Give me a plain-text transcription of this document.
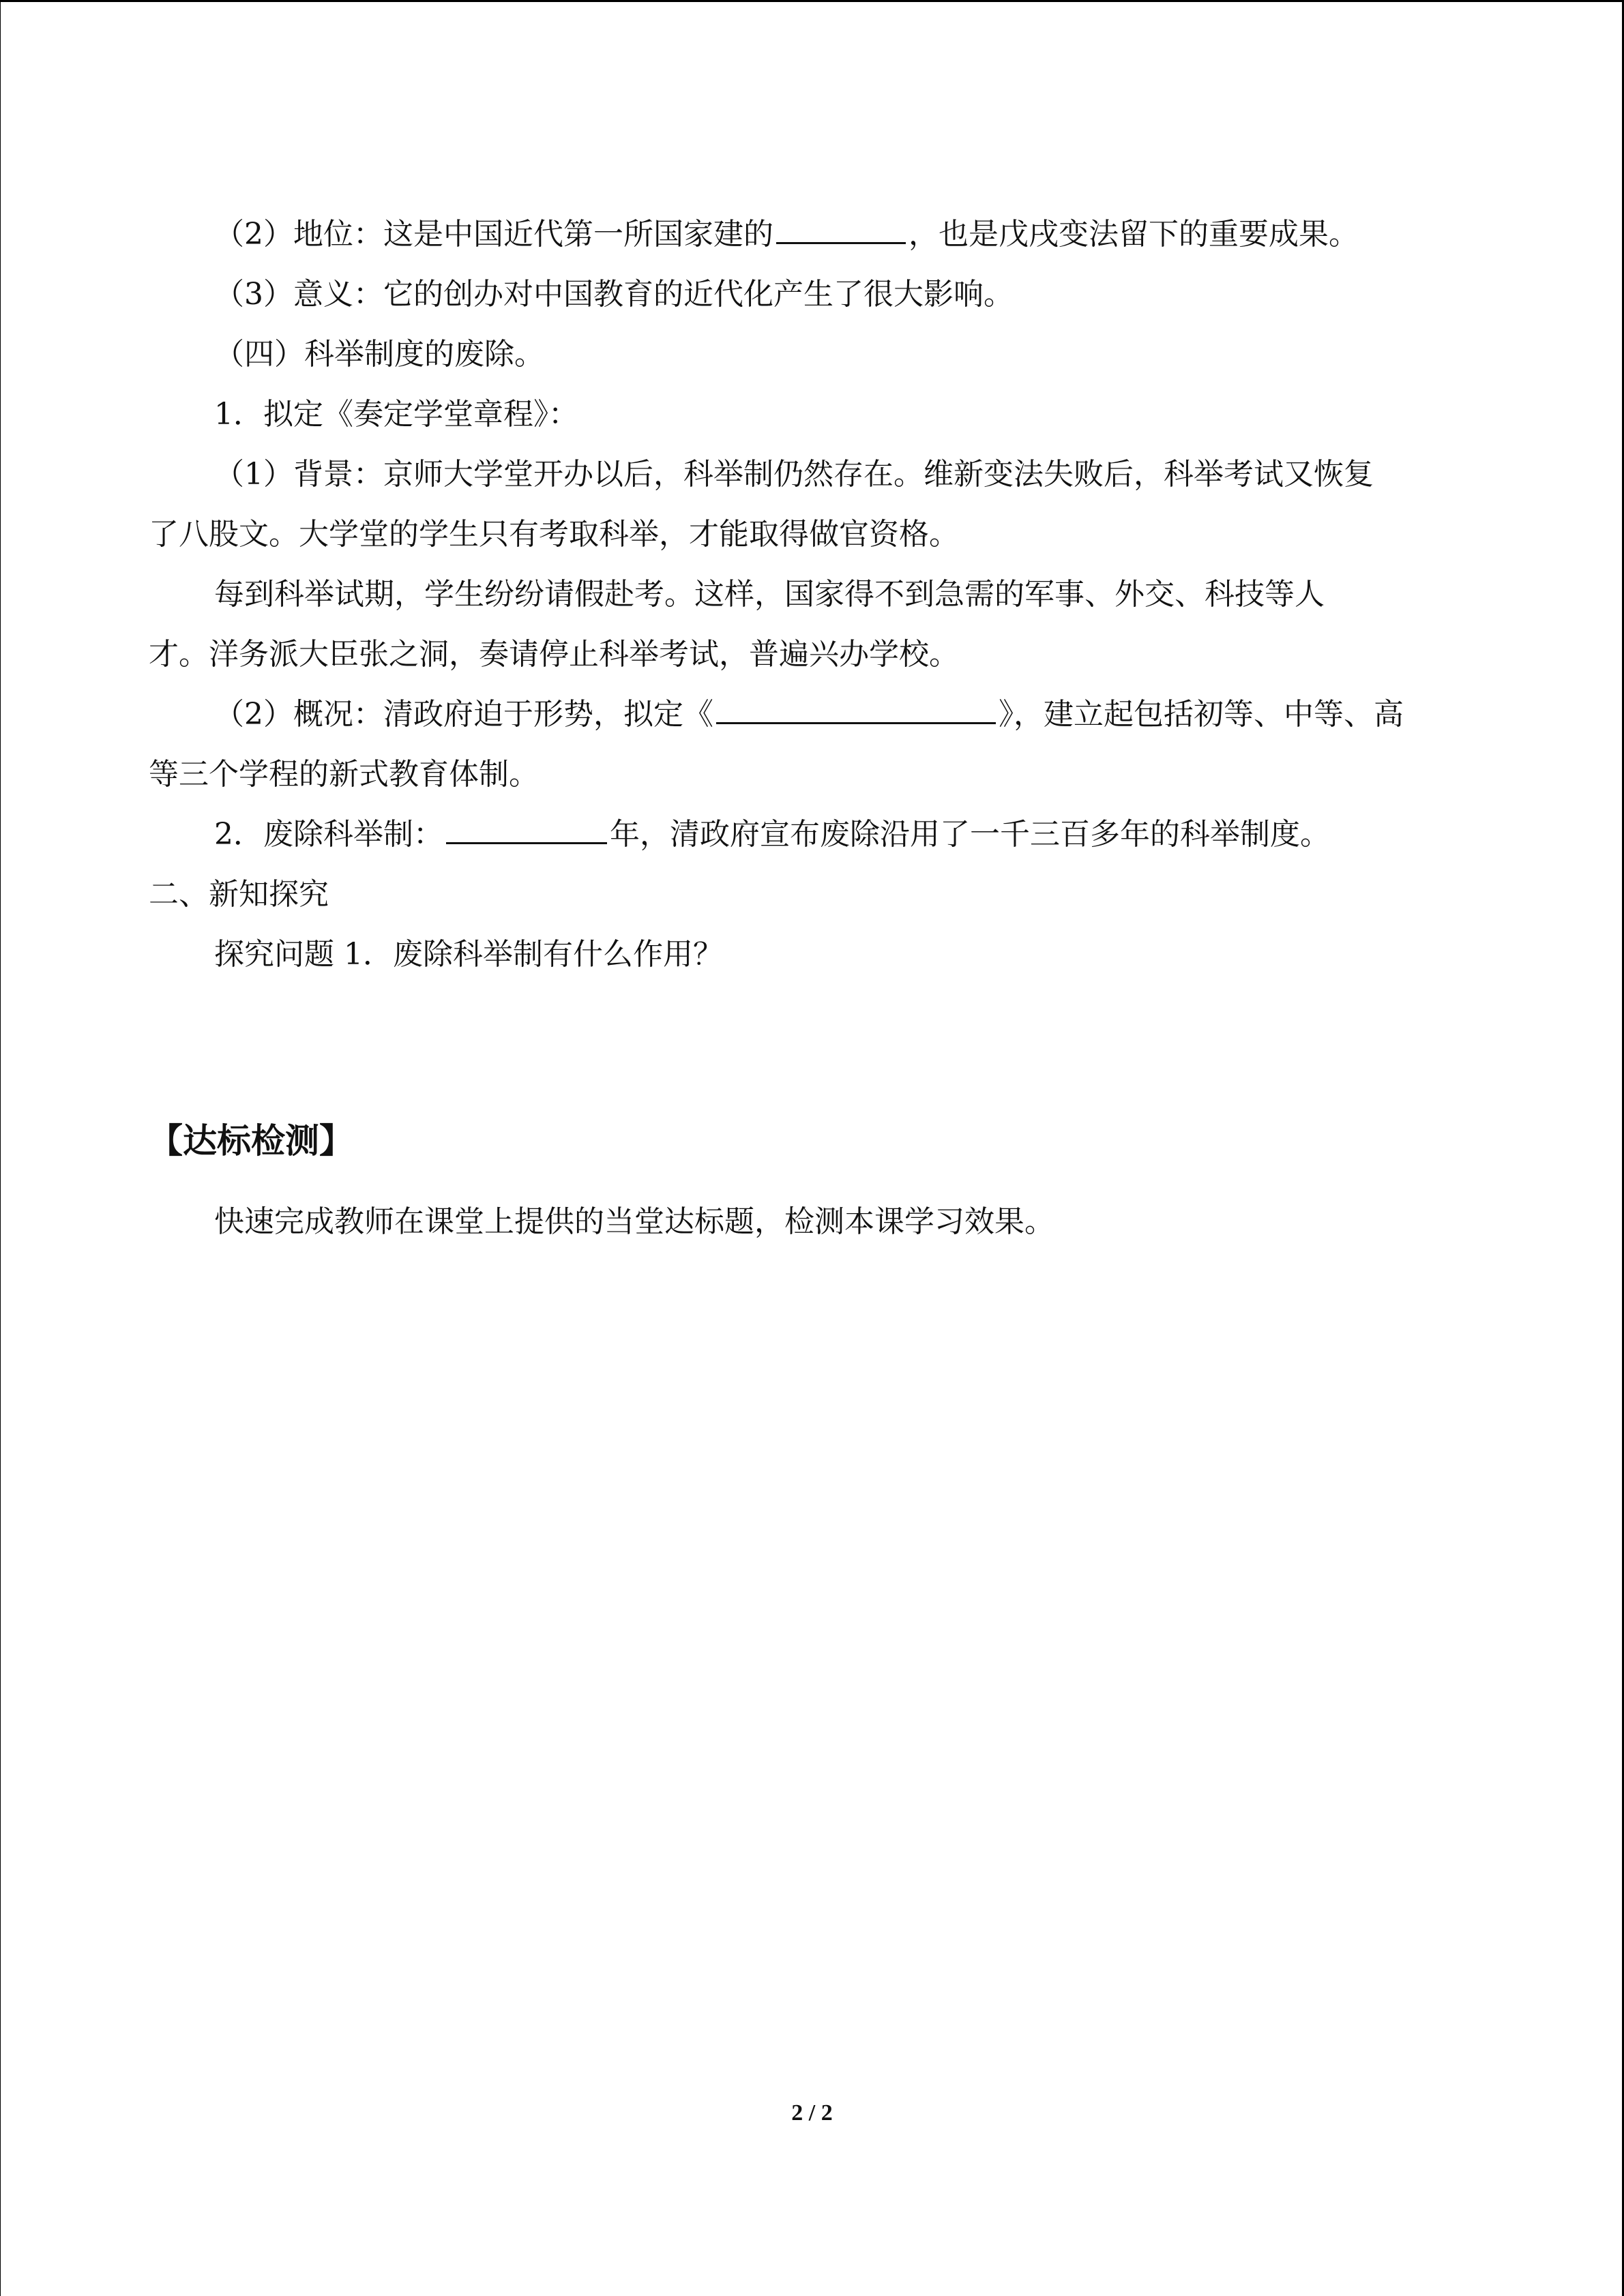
（2）地位：这是中国近代第一所国家建的	，也是戊戌变法留下的重要成果。
（3）意义：它的创办对中国教育的近代化产生了很大影响。
（四）科举制度的废除。
1．拟定《奏定学堂章程》：
（1）背景：京师大学堂开办以后，科举制仍然存在。维新变法失败后，科举考试又恢复
了八股文。大学堂的学生只有考取科举，才能取得做官资格。
每到科举试期，学生纷纷请假赴考。这样，国家得不到急需的军事、外交、科技等人
才。洋务派大臣张之洞，奏请停止科举考试，普遍兴办学校。
（2）概况：清政府迫于形势，拟定《	》，建立起包括初等、中等、高
等三个学程的新式教育体制。
2．废除科举制：	年，清政府宣布废除沿用了一千三百多年的科举制度。
二、新知探究
探究问题 1．废除科举制有什么作用？
【达标检测】
快速完成教师在课堂上提供的当堂达标题，检测本课学习效果。
2 / 2
